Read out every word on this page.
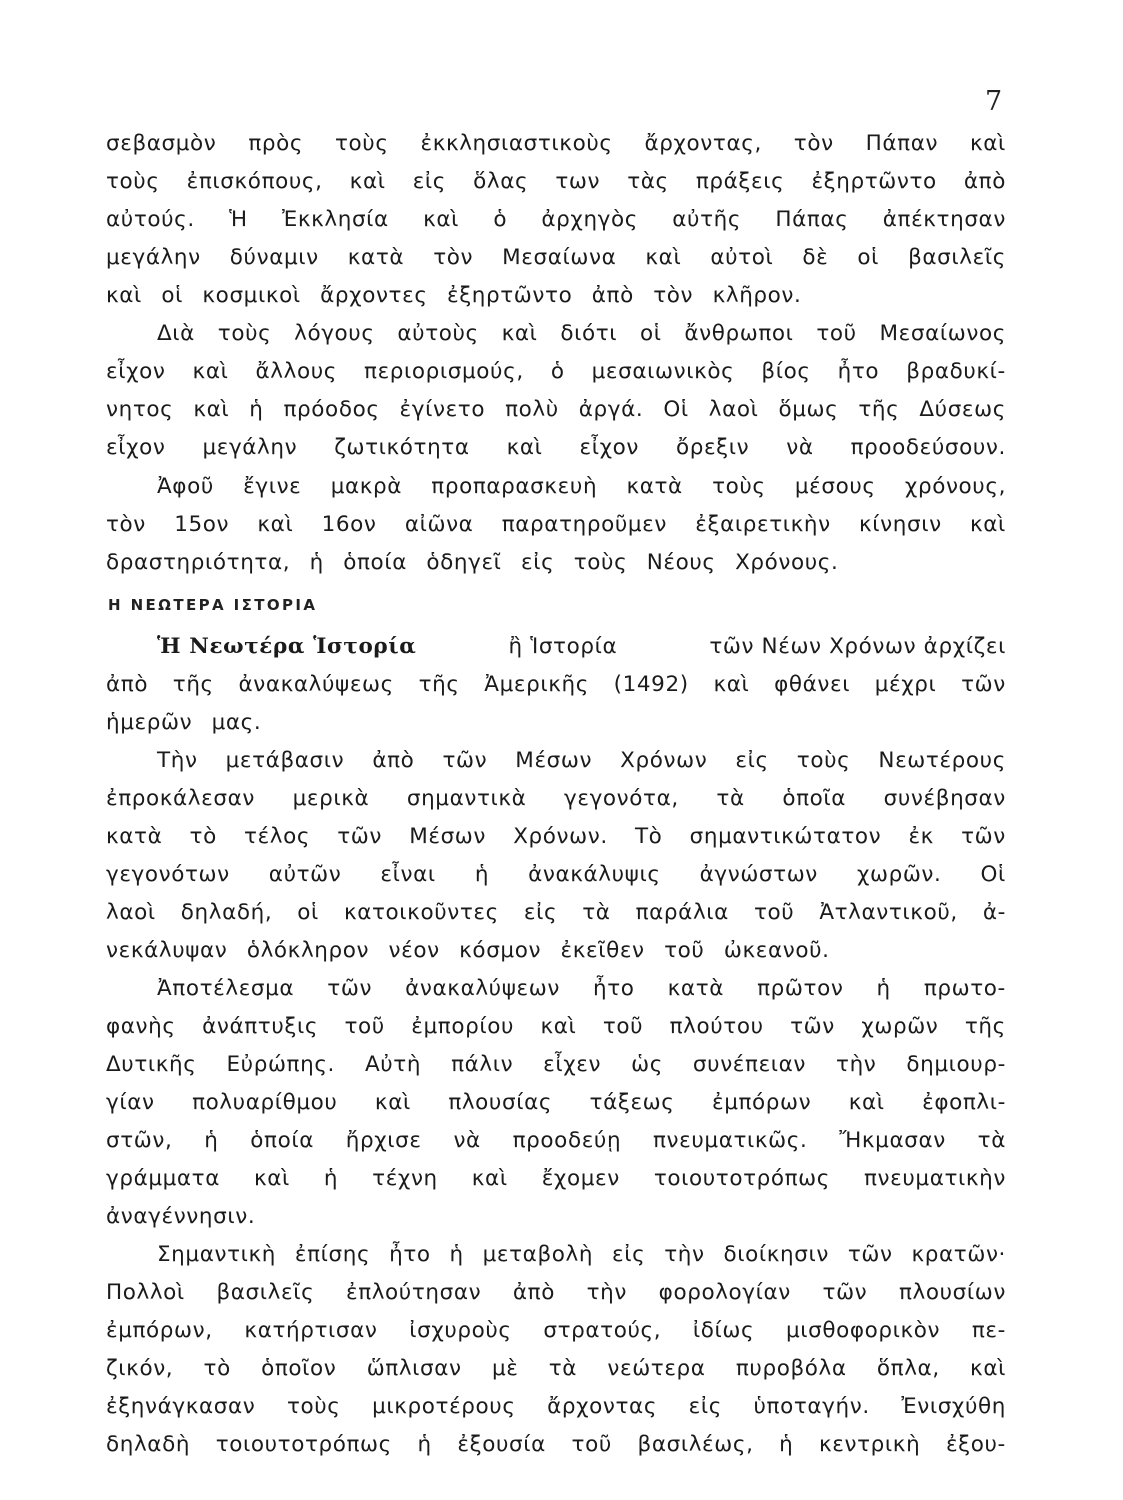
7
σεβασμὸν πρὸς τοὺς ἐκκλησιαστικοὺς ἄρχοντας, τὸν Πάπαν καὶ
τοὺς ἐπισκόπους, καὶ εἰς ὅλας των τὰς πράξεις ἐξηρτῶντο ἀπὸ
αὐτούς. Ἡ Ἐκκλησία καὶ ὁ ἀρχηγὸς αὐτῆς Πάπας ἀπέκτησαν
μεγάλην δύναμιν κατὰ τὸν Μεσαίωνα καὶ αὐτοὶ δὲ οἱ βασιλεῖς
καὶ οἱ κοσμικοὶ ἄρχοντες ἐξηρτῶντο ἀπὸ τὸν κλῆρον.
Διὰ τοὺς λόγους αὐτοὺς καὶ διότι οἱ ἄνθρωποι τοῦ Μεσαίωνος
εἶχον καὶ ἄλλους περιορισμούς, ὁ μεσαιωνικὸς βίος ἦτο βραδυκί-
νητος καὶ ἡ πρόοδος ἐγίνετο πολὺ ἀργά. Οἱ λαοὶ ὅμως τῆς Δύσεως
εἶχον μεγάλην ζωτικότητα καὶ εἶχον ὄρεξιν νὰ προοδεύσουν.
Ἀφοῦ ἔγινε μακρὰ προπαρασκευὴ κατὰ τοὺς μέσους χρόνους,
τὸν 15ον καὶ 16ον αἰῶνα παρατηροῦμεν ἐξαιρετικὴν κίνησιν καὶ
δραστηριότητα, ἡ ὁποία ὁδηγεῖ εἰς τοὺς Νέους Χρόνους.
Η ΝΕΩΤΕΡΑ ΙΣΤΟΡΙΑ
Ἡ Νεωτέρα Ἱστορία	ἢ Ἱστορία	τῶν Νέων Χρόνων ἀρχίζει
ἀπὸ τῆς ἀνακαλύψεως τῆς Ἀμερικῆς (1492) καὶ φθάνει μέχρι τῶν
ἡμερῶν μας.
Τὴν μετάβασιν ἀπὸ τῶν Μέσων Χρόνων εἰς τοὺς Νεωτέρους
ἐπροκάλεσαν μερικὰ σημαντικὰ γεγονότα, τὰ ὁποῖα συνέβησαν
κατὰ τὸ τέλος τῶν Μέσων Χρόνων. Τὸ σημαντικώτατον ἐκ τῶν
γεγονότων αὐτῶν εἶναι ἡ ἀνακάλυψις ἀγνώστων χωρῶν. Οἱ
λαοὶ δηλαδή, οἱ κατοικοῦντες εἰς τὰ παράλια τοῦ Ἀτλαντικοῦ, ἀ-
νεκάλυψαν ὁλόκληρον νέον κόσμον ἐκεῖθεν τοῦ ὠκεανοῦ.
Ἀποτέλεσμα τῶν ἀνακαλύψεων ἦτο κατὰ πρῶτον ἡ πρωτο-
φανὴς ἀνάπτυξις τοῦ ἐμπορίου καὶ τοῦ πλούτου τῶν χωρῶν τῆς
Δυτικῆς Εὐρώπης. Αὐτὴ πάλιν εἶχεν ὡς συνέπειαν τὴν δημιουρ-
γίαν πολυαρίθμου καὶ πλουσίας τάξεως ἐμπόρων καὶ ἐφοπλι-
στῶν, ἡ ὁποία ἤρχισε νὰ προοδεύῃ πνευματικῶς. Ἤκμασαν τὰ
γράμματα καὶ ἡ τέχνη καὶ ἔχομεν τοιουτοτρόπως πνευματικὴν
ἀναγέννησιν.
Σημαντικὴ ἐπίσης ἦτο ἡ μεταβολὴ εἰς τὴν διοίκησιν τῶν κρατῶν·
Πολλοὶ βασιλεῖς ἐπλούτησαν ἀπὸ τὴν φορολογίαν τῶν πλουσίων
ἐμπόρων, κατήρτισαν ἰσχυροὺς στρατούς, ἰδίως μισθοφορικὸν πε-
ζικόν, τὸ ὁποῖον ὥπλισαν μὲ τὰ νεώτερα πυροβόλα ὅπλα, καὶ
ἐξηνάγκασαν τοὺς μικροτέρους ἄρχοντας εἰς ὑποταγήν. Ἐνισχύθη
δηλαδὴ τοιουτοτρόπως ἡ ἐξουσία τοῦ βασιλέως, ἡ κεντρικὴ ἐξου-
